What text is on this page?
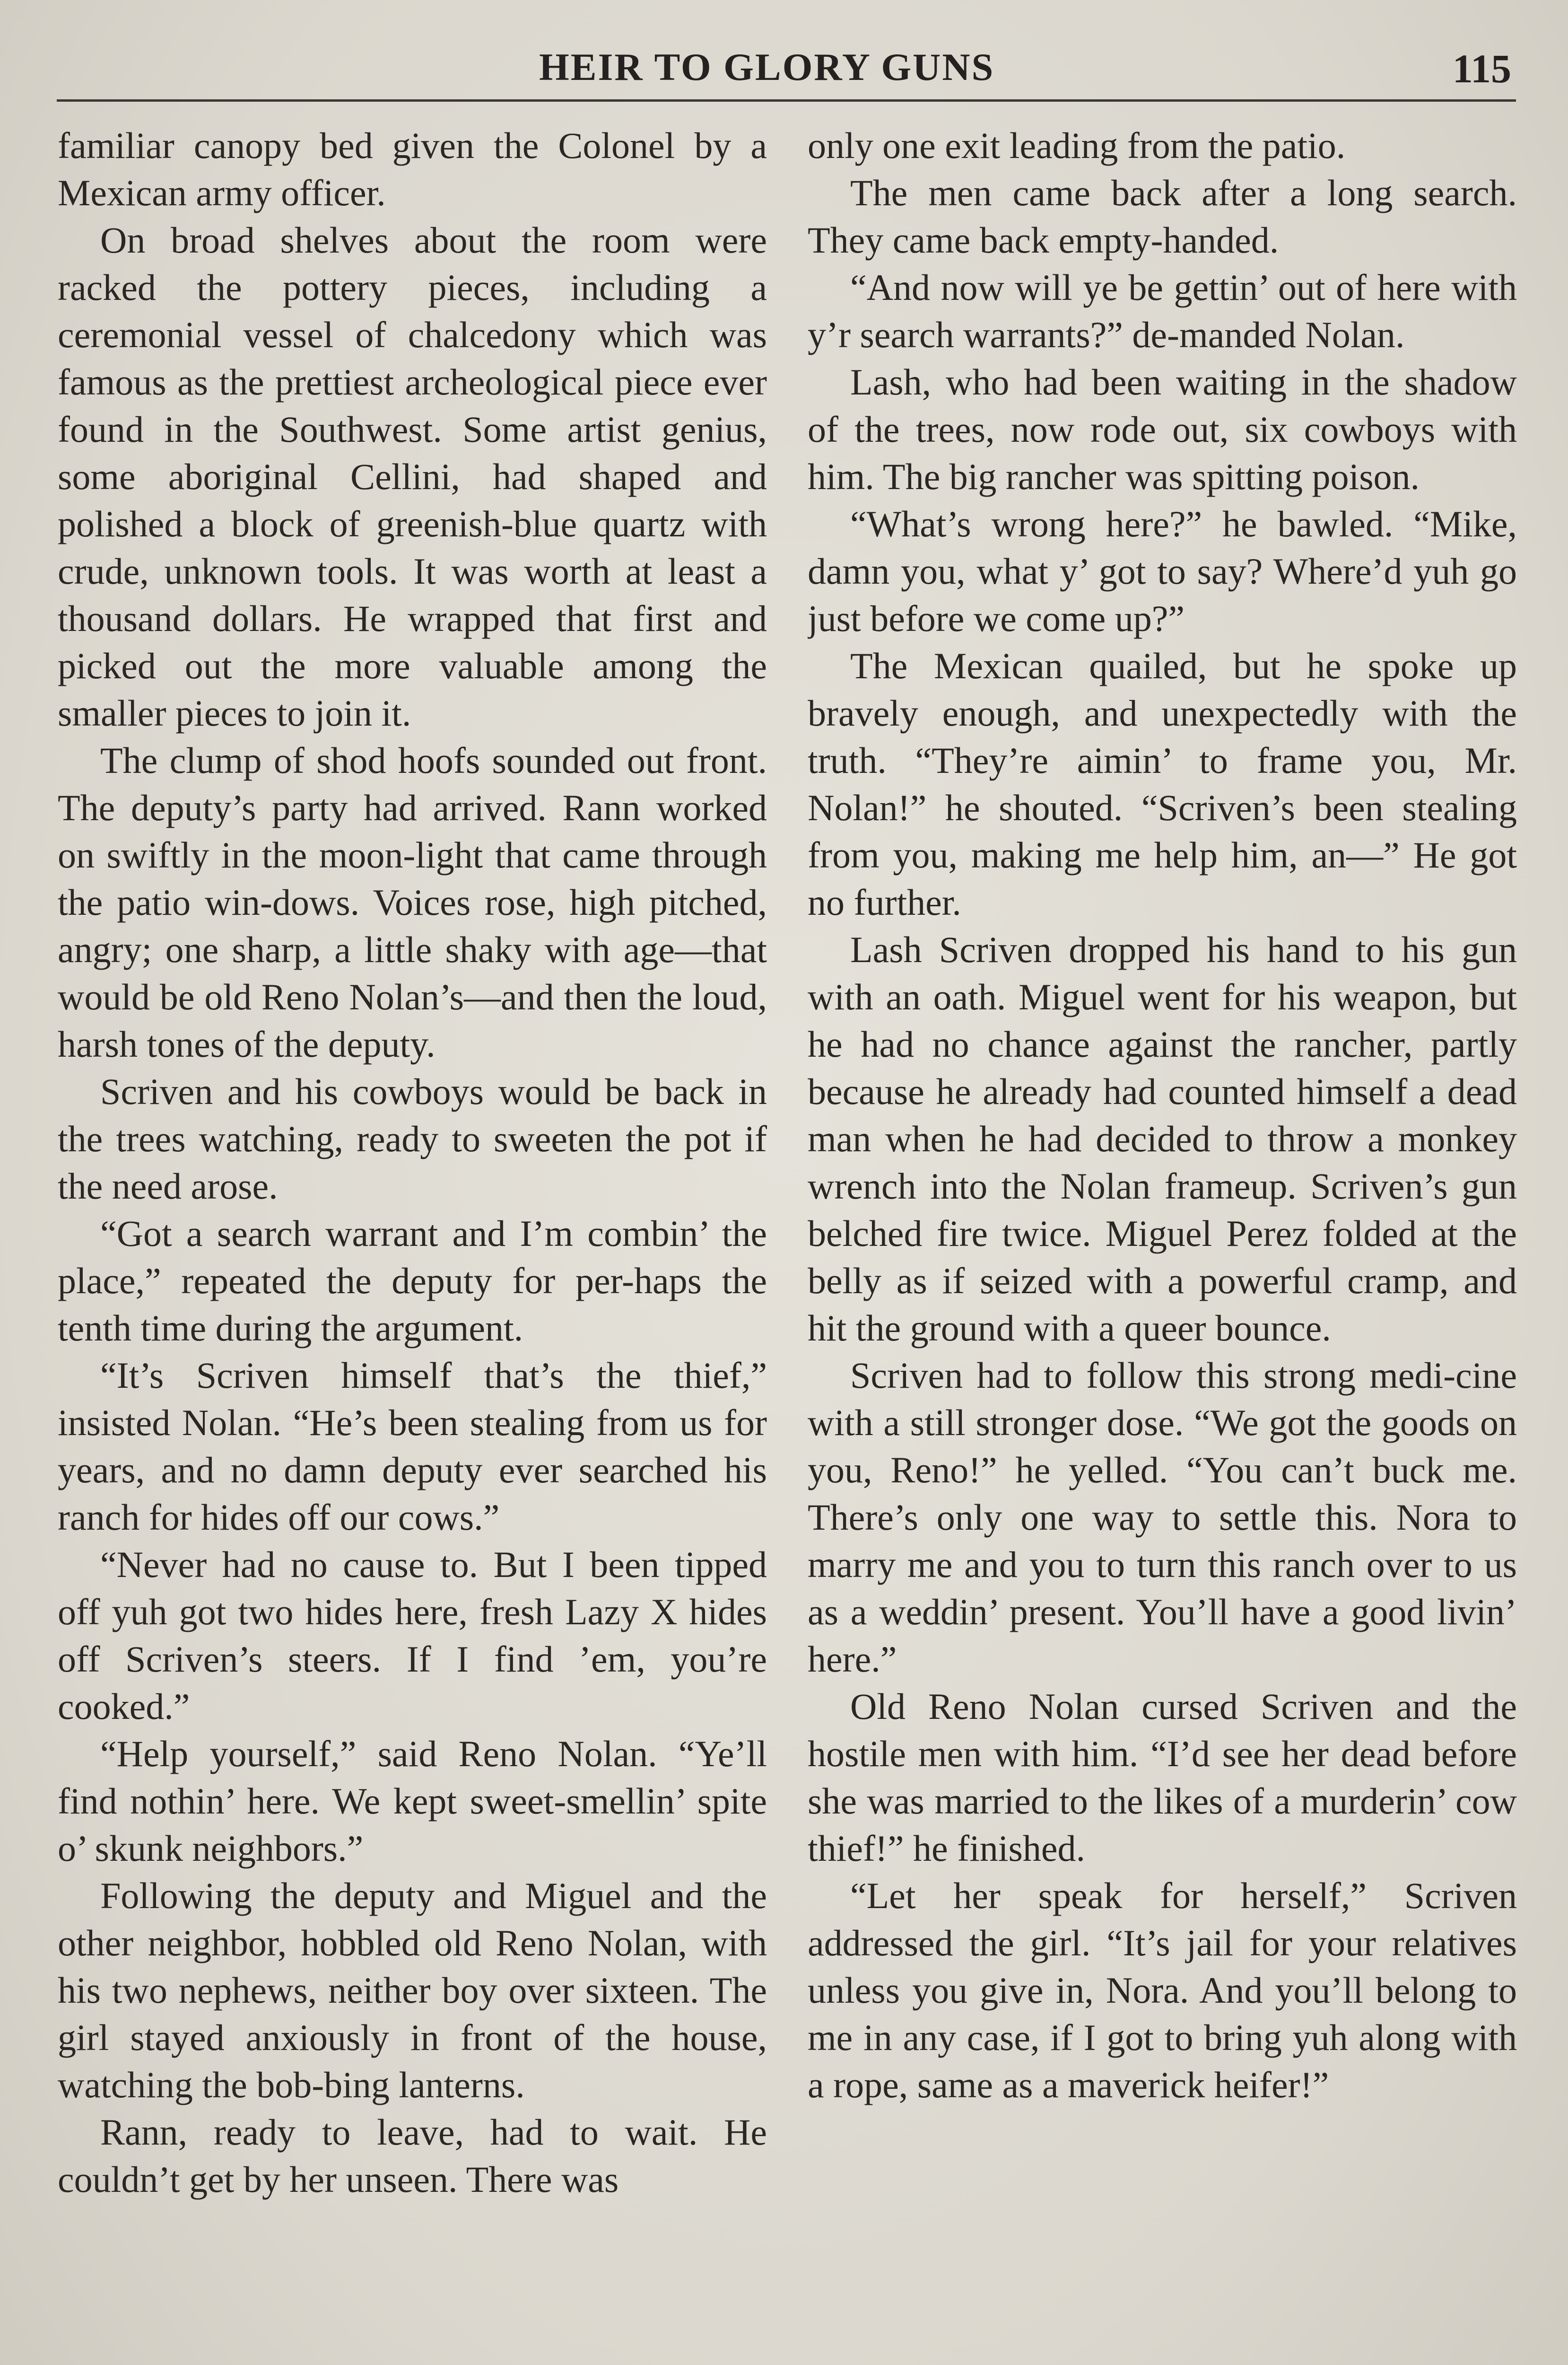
HEIR TO GLORY GUNS	115

familiar canopy bed given the Colonel by a Mexican army officer.

On broad shelves about the room were racked the pottery pieces, including a ceremonial vessel of chalcedony which was famous as the prettiest archeological piece ever found in the Southwest. Some artist genius, some aboriginal Cellini, had shaped and polished a block of greenish-blue quartz with crude, unknown tools. It was worth at least a thousand dollars. He wrapped that first and picked out the more valuable among the smaller pieces to join it.

The clump of shod hoofs sounded out front. The deputy’s party had arrived. Rann worked on swiftly in the moon-light that came through the patio win-dows. Voices rose, high pitched, angry; one sharp, a little shaky with age—that would be old Reno Nolan’s—and then the loud, harsh tones of the deputy.

Scriven and his cowboys would be back in the trees watching, ready to sweeten the pot if the need arose.

“Got a search warrant and I’m combin’ the place,” repeated the deputy for per-haps the tenth time during the argument.

“It’s Scriven himself that’s the thief,” insisted Nolan. “He’s been stealing from us for years, and no damn deputy ever searched his ranch for hides off our cows.”

“Never had no cause to. But I been tipped off yuh got two hides here, fresh Lazy X hides off Scriven’s steers. If I find ’em, you’re cooked.”

“Help yourself,” said Reno Nolan. “Ye’ll find nothin’ here. We kept sweet-smellin’ spite o’ skunk neighbors.”

Following the deputy and Miguel and the other neighbor, hobbled old Reno Nolan, with his two nephews, neither boy over sixteen. The girl stayed anxiously in front of the house, watching the bob-bing lanterns.

Rann, ready to leave, had to wait. He couldn’t get by her unseen. There was

only one exit leading from the patio.

The men came back after a long search. They came back empty-handed.

“And now will ye be gettin’ out of here with y’r search warrants?” de-manded Nolan.

Lash, who had been waiting in the shadow of the trees, now rode out, six cowboys with him. The big rancher was spitting poison.

“What’s wrong here?” he bawled. “Mike, damn you, what y’ got to say? Where’d yuh go just before we come up?”

The Mexican quailed, but he spoke up bravely enough, and unexpectedly with the truth. “They’re aimin’ to frame you, Mr. Nolan!” he shouted. “Scriven’s been stealing from you, making me help him, an—” He got no further.

Lash Scriven dropped his hand to his gun with an oath. Miguel went for his weapon, but he had no chance against the rancher, partly because he already had counted himself a dead man when he had decided to throw a monkey wrench into the Nolan frameup. Scriven’s gun belched fire twice. Miguel Perez folded at the belly as if seized with a powerful cramp, and hit the ground with a queer bounce.

Scriven had to follow this strong medi-cine with a still stronger dose. “We got the goods on you, Reno!” he yelled. “You can’t buck me. There’s only one way to settle this. Nora to marry me and you to turn this ranch over to us as a weddin’ present. You’ll have a good livin’ here.”

Old Reno Nolan cursed Scriven and the hostile men with him. “I’d see her dead before she was married to the likes of a murderin’ cow thief!” he finished.

“Let her speak for herself,” Scriven addressed the girl. “It’s jail for your relatives unless you give in, Nora. And you’ll belong to me in any case, if I got to bring yuh along with a rope, same as a maverick heifer!”
